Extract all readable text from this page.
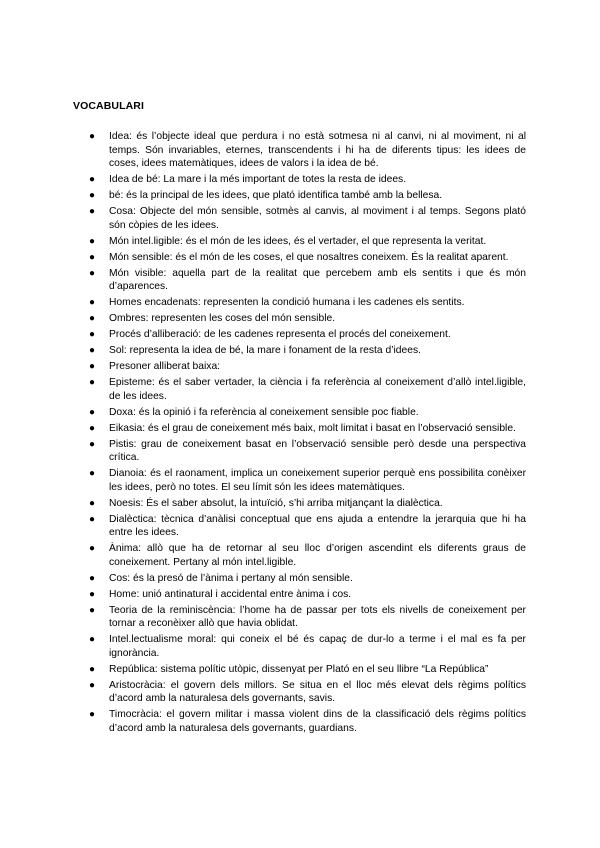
VOCABULARI
● Idea: és l’objecte ideal que perdura i no està sotmesa ni al canvi, ni al moviment, ni al temps. Són invariables, eternes, transcendents i hi ha de diferents tipus: les idees de coses, idees matemàtiques, idees de valors i la idea de bé.
● Idea de bé: La mare i la més important de totes la resta de idees.
● bé: és la principal de les idees, que plató identifica també amb la bellesa.
● Cosa: Objecte del món sensible, sotmès al canvis, al moviment i al temps. Segons plató són còpies de les idees.
● Món intel.ligible: és el món de les idees, és el vertader, el que representa la veritat.
● Món sensible: és el món de les coses, el que nosaltres coneixem. És la realitat aparent.
● Món visible: aquella part de la realitat que percebem amb els sentits i que és món d’aparences.
● Homes encadenats: representen la condició humana i les cadenes els sentits.
● Ombres: representen les coses del món sensible.
● Procés d’alliberació: de les cadenes representa el procés del coneixement.
● Sol: representa la idea de bé, la mare i fonament de la resta d’idees.
● Presoner alliberat baixa:
● Episteme: és el saber vertader, la ciència i fa referència al coneixement d’allò intel.ligible, de les idees.
● Doxa: és la opinió i fa referència al coneixement sensible poc fiable.
● Eikasia: és el grau de coneixement més baix, molt limitat i basat en l’observació sensible.
● Pistis: grau de coneixement basat en l’observació sensible però desde una perspectiva crítica.
● Dianoia: és el raonament, implica un coneixement superior perquè ens possibilita conèixer les idees, però no totes. El seu límit són les idees matemàtiques.
● Noesis: És el saber absolut, la intuïció, s’hi arriba mitjançant la dialèctica.
● Dialèctica: tècnica d’anàlisi conceptual que ens ajuda a entendre la jerarquia que hi ha entre les idees.
● Ànima: allò que ha de retornar al seu lloc d’origen ascendint els diferents graus de coneixement. Pertany al món intel.ligible.
● Cos: és la presó de l’ànima i pertany al món sensible.
● Home: unió antinatural i accidental entre ànima i cos.
● Teoria de la reminiscència: l’home ha de passar per tots els nivells de coneixement per tornar a reconèixer allò que havia oblidat.
● Intel.lectualisme moral: qui coneix el bé és capaç de dur-lo a terme i el mal es fa per ignorància.
● República: sistema polític utòpic, dissenyat per Plató en el seu llibre “La República”
● Aristocràcia: el govern dels millors. Se situa en el lloc més elevat dels règims polítics d’acord amb la naturalesa dels governants, savis.
● Timocràcia: el govern militar i massa violent dins de la classificació dels règims polítics d’acord amb la naturalesa dels governants, guardians.
